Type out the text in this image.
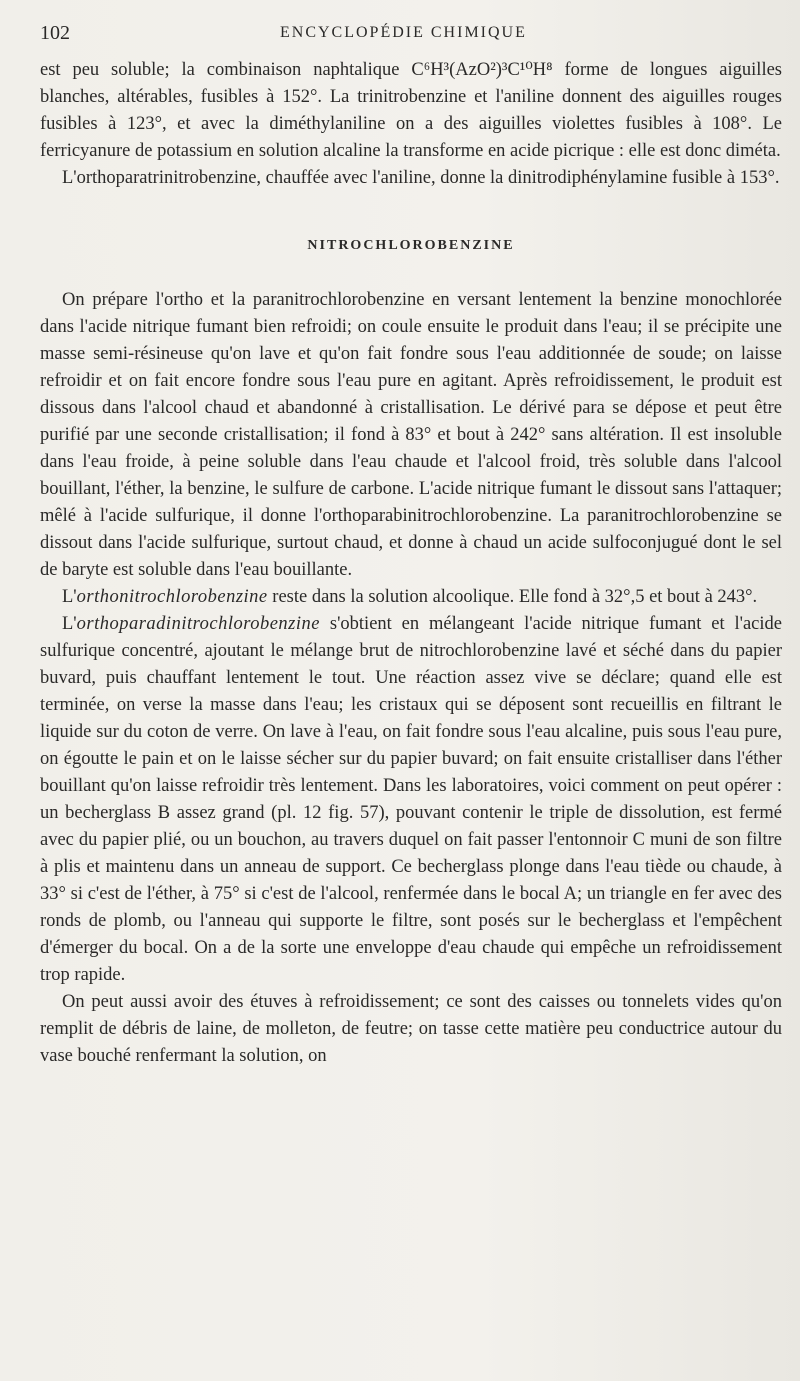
102	ENCYCLOPÉDIE CHIMIQUE

est peu soluble; la combinaison naphtalique C⁶H³(AzO²)³C¹⁰H⁸ forme de longues aiguilles blanches, altérables, fusibles à 152°. La trinitrobenzine et l'aniline donnent des aiguilles rouges fusibles à 123°, et avec la diméthylaniline on a des aiguilles violettes fusibles à 108°. Le ferricyanure de potassium en solution alcaline la transforme en acide picrique : elle est donc diméta.

L'orthoparatrinitrobenzine, chauffée avec l'aniline, donne la dinitrodiphénylamine fusible à 153°.

NITROCHLOROBENZINE

On prépare l'ortho et la paranitrochlorobenzine en versant lentement la benzine monochlorée dans l'acide nitrique fumant bien refroidi; on coule ensuite le produit dans l'eau; il se précipite une masse semi-résineuse qu'on lave et qu'on fait fondre sous l'eau additionnée de soude; on laisse refroidir et on fait encore fondre sous l'eau pure en agitant. Après refroidissement, le produit est dissous dans l'alcool chaud et abandonné à cristallisation. Le dérivé para se dépose et peut être purifié par une seconde cristallisation; il fond à 83° et bout à 242° sans altération. Il est insoluble dans l'eau froide, à peine soluble dans l'eau chaude et l'alcool froid, très soluble dans l'alcool bouillant, l'éther, la benzine, le sulfure de carbone. L'acide nitrique fumant le dissout sans l'attaquer; mêlé à l'acide sulfurique, il donne l'orthoparabinitrochlorobenzine. La paranitrochlorobenzine se dissout dans l'acide sulfurique, surtout chaud, et donne à chaud un acide sulfoconjugué dont le sel de baryte est soluble dans l'eau bouillante.

L'orthonitrochlorobenzine reste dans la solution alcoolique. Elle fond à 32°,5 et bout à 243°.

L'orthoparadinitrochlorobenzine s'obtient en mélangeant l'acide nitrique fumant et l'acide sulfurique concentré, ajoutant le mélange brut de nitrochlorobenzine lavé et séché dans du papier buvard, puis chauffant lentement le tout. Une réaction assez vive se déclare; quand elle est terminée, on verse la masse dans l'eau; les cristaux qui se déposent sont recueillis en filtrant le liquide sur du coton de verre. On lave à l'eau, on fait fondre sous l'eau alcaline, puis sous l'eau pure, on égoutte le pain et on le laisse sécher sur du papier buvard; on fait ensuite cristalliser dans l'éther bouillant qu'on laisse refroidir très lentement. Dans les laboratoires, voici comment on peut opérer : un becherglass B assez grand (pl. 12 fig. 57), pouvant contenir le triple de dissolution, est fermé avec du papier plié, ou un bouchon, au travers duquel on fait passer l'entonnoir C muni de son filtre à plis et maintenu dans un anneau de support. Ce becherglass plonge dans l'eau tiède ou chaude, à 33° si c'est de l'éther, à 75° si c'est de l'alcool, renfermée dans le bocal A; un triangle en fer avec des ronds de plomb, ou l'anneau qui supporte le filtre, sont posés sur le becherglass et l'empêchent d'émerger du bocal. On a de la sorte une enveloppe d'eau chaude qui empêche un refroidissement trop rapide.

On peut aussi avoir des étuves à refroidissement; ce sont des caisses ou tonnelets vides qu'on remplit de débris de laine, de molleton, de feutre; on tasse cette matière peu conductrice autour du vase bouché renfermant la solution, on
